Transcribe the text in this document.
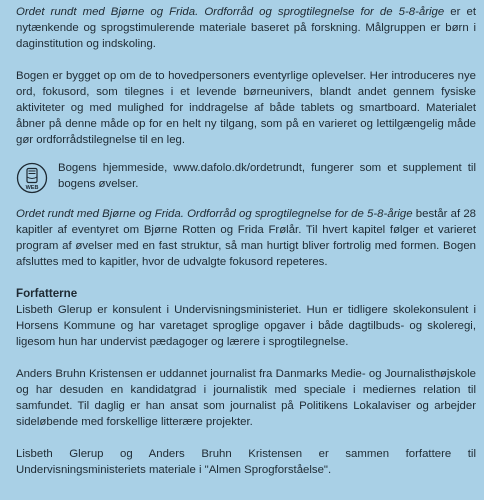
Ordet rundt med Bjørne og Frida. Ordforråd og sprogtilegnelse for de 5-8-årige er et nytænkende og sprogstimulerende materiale baseret på forskning. Målgruppen er børn i daginstitution og indskoling.

Bogen er bygget op om de to hovedpersoners eventyrlige oplevelser. Her introduceres nye ord, fokusord, som tilegnes i et levende børneunivers, blandt andet gennem fysiske aktiviteter og med mulighed for inddragelse af både tablets og smartboard. Materialet åbner på denne måde op for en helt ny tilgang, som på en varieret og lettilgængelig måde gør ordforrådstilegnelse til en leg.

WEB

Bogens hjemmeside, www.dafolo.dk/ordetrundt, fungerer som et supplement til bogens øvelser.

Ordet rundt med Bjørne og Frida. Ordforråd og sprogtilegnelse for de 5-8-årige består af 28 kapitler af eventyret om Bjørne Rotten og Frida Frølår. Til hvert kapitel følger et varieret program af øvelser med en fast struktur, så man hurtigt bliver fortrolig med formen. Bogen afsluttes med to kapitler, hvor de udvalgte fokusord repeteres.

Forfatterne

Lisbeth Glerup er konsulent i Undervisningsministeriet. Hun er tidligere skolekonsulent i Horsens Kommune og har varetaget sproglige opgaver i både dagtilbuds- og skoleregi, ligesom hun har undervist pædagoger og lærere i sprogtilegnelse.

Anders Bruhn Kristensen er uddannet journalist fra Danmarks Medie- og Journalisthøjskole og har desuden en kandidatgrad i journalistik med speciale i mediernes relation til samfundet. Til daglig er han ansat som journalist på Politikens Lokalaviser og arbejder sideløbende med forskellige litterære projekter.

Lisbeth Glerup og Anders Bruhn Kristensen er sammen forfattere til Undervisningsministeriets materiale i "Almen Sprogforståelse".
